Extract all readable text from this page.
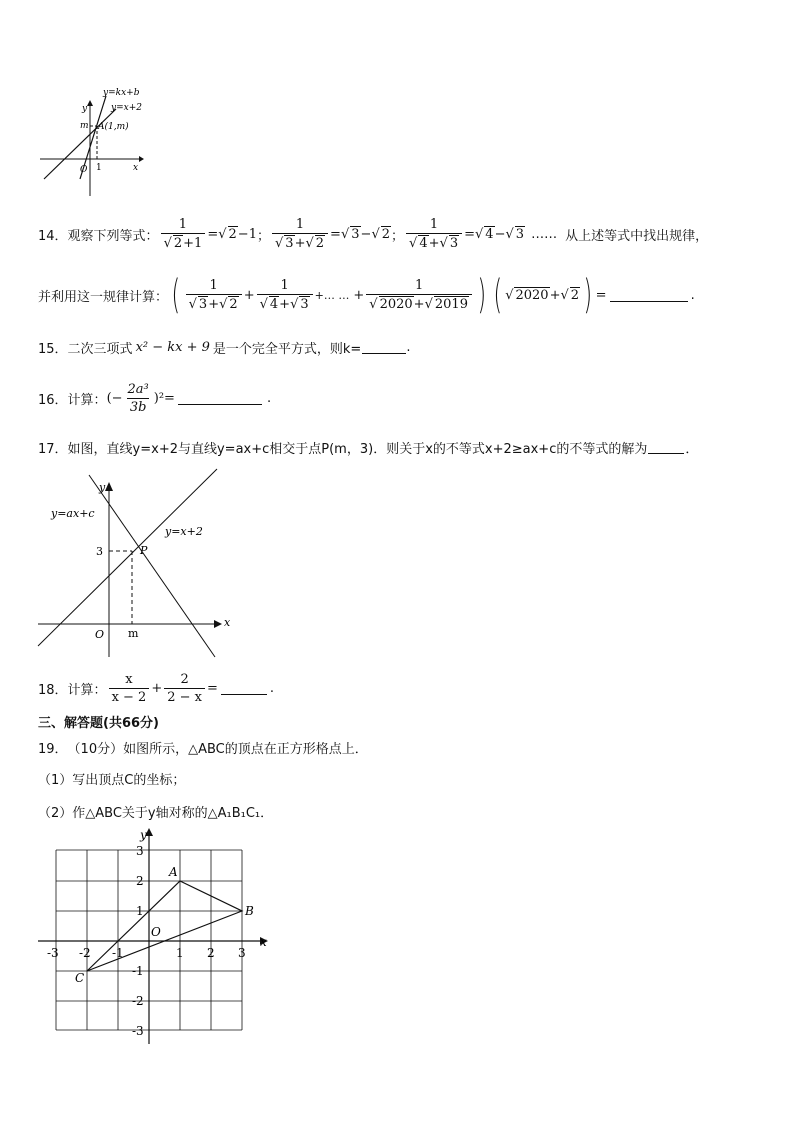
y=kx+b
y=x+2
A(1,m)
y
m
O 1	x
14． 观察下列等式： 1
√ 2+1 = √ 2 −1 ； 1
√ 3+ √ 2 = √ 3 − √ 2 ； 1
√ 4+ √ 3 = √ 4 − √ 3 …… 从上述等式中找出规律，
并利用这一规律计算： ( 1
√ 3+ √ 2 + 1
√ 4+ √ 3 +… … + 1
√ 2020+ √ 2019 ) ( √	2020+ √ 2 ) =	.
15． 二次三项式 x² − kx + 9 是一个完全平方式，则k=	.
16． 计算： (− $\frac{\text{2a³}}{3b} )^2=$	.
17． 如图，直线y=x+2与直线y=ax+c相交于点P(m，3)．则关于x的不等式x+2≥ax+c的不等式的解为	．
y=ax+c
y=x+2
y
x
3	P
O m
18． 计算： $\frac{x}{x - 2} + \frac{2}{2 - x}$ =	.
三、解答题(共66分)
19． （10分）如图所示，△ABC的顶点在正方形格点上．
（1）写出顶点C的坐标；
（2）作△ABC关于y轴对称的△A₁B₁C₁．
y
x
O
A
B
C
-3 -2 -1	1 2 3
3
2
1
-1
-2
-3
